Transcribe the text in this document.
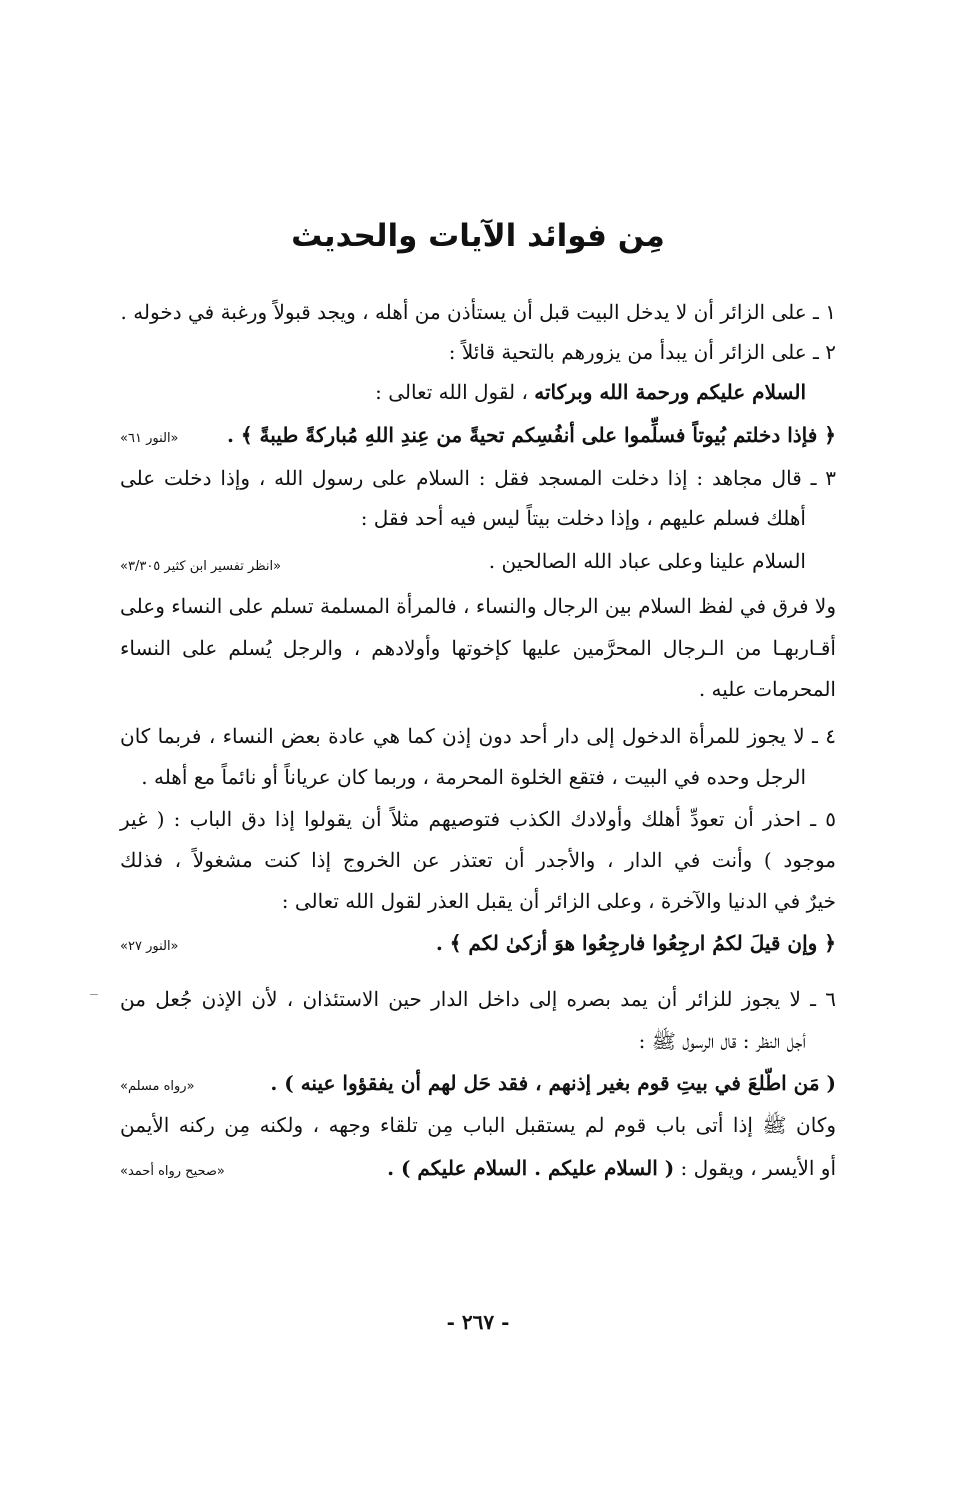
مِن فوائد الآيات والحديث
١ ـ على الزائر أن لا يدخل البيت قبل أن يستأذن من أهله ، ويجد قبولاً ورغبة في دخوله .
٢ ـ على الزائر أن يبدأ من يزورهم بالتحية قائلاً :
السلام عليكم ورحمة الله وبركاته ، لقول الله تعالى :
﴿ فإذا دخلتم بُيوتاً فسلِّموا على أنفُسِكم تحيةً من عِندِ اللهِ مُباركةً طيبةً ﴾ .
«النور ٦١»
٣ ـ قال مجاهد : إذا دخلت المسجد فقل : السلام على رسول الله ، وإذا دخلت على
أهلك فسلم عليهم ، وإذا دخلت بيتاً ليس فيه أحد فقل :
السلام علينا وعلى عباد الله الصالحين .
«انظر تفسير ابن كثير ٣/٣٠٥»
ولا فرق في لفظ السلام بين الرجال والنساء ، فالمرأة المسلمة تسلم على النساء وعلى
أقـاربهـا من الـرجال المحرَّمين عليها كإخوتها وأولادهم ، والرجل يُسلم على النساء
المحرمات عليه .
٤ ـ لا يجوز للمرأة الدخول إلى دار أحد دون إذن كما هي عادة بعض النساء ، فربما كان
الرجل وحده في البيت ، فتقع الخلوة المحرمة ، وربما كان عرياناً أو نائماً مع أهله .
٥ ـ احذر أن تعودِّ أهلك وأولادك الكذب فتوصيهم مثلاً أن يقولوا إذا دق الباب : ( غير
موجود ) وأنت في الدار ، والأجدر أن تعتذر عن الخروج إذا كنت مشغولاً ، فذلك
خيرٌ في الدنيا والآخرة ، وعلى الزائر أن يقبل العذر لقول الله تعالى :
﴿ وإن قيلَ لكمُ ارجِعُوا فارجِعُوا هوَ أزكىٰ لكم ﴾ .
«النور ٢٧»
٦ ـ لا يجوز للزائر أن يمد بصره إلى داخل الدار حين الاستئذان ، لأن الإذن جُعل من
أجل النظر : قال الرسول ﷺ :
( مَن اطّلعَ في بيتِ قوم بغير إذنهم ، فقد حَل لهم أن يفقؤوا عينه ) .
«رواه مسلم»
وكان ﷺ إذا أتى باب قوم لم يستقبل الباب مِن تلقاء وجهه ، ولكنه مِن ركنه الأيمن
أو الأيسر ، ويقول : ( السلام عليكم . السلام عليكم ) .
«صحيح رواه أحمد»
- ٢٦٧ -
